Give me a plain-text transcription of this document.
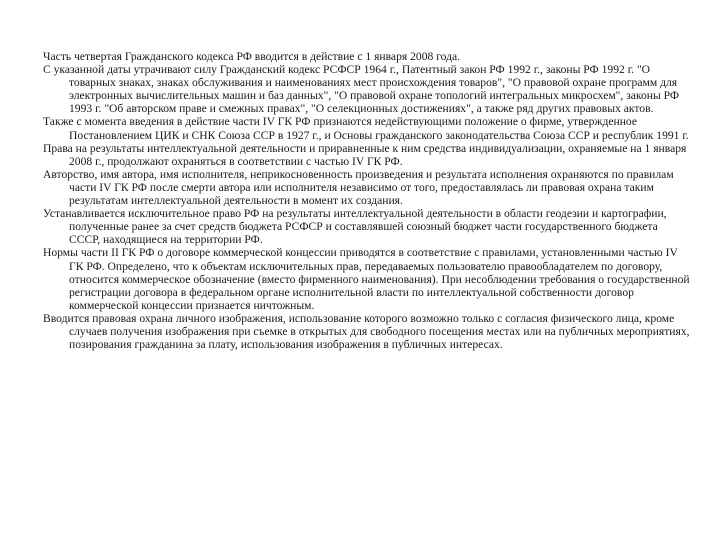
Часть четвертая Гражданского кодекса РФ вводится в действие с 1 января 2008 года.

С указанной даты утрачивают силу Гражданский кодекс РСФСР 1964 г., Патентный закон РФ 1992 г., законы РФ 1992 г. "О товарных знаках, знаках обслуживания и наименованиях мест происхождения товаров", "О правовой охране программ для электронных вычислительных машин и баз данных", "О правовой охране топологий интегральных микросхем", законы РФ 1993 г. "Об авторском праве и смежных правах", "О селекционных достижениях", а также ряд других правовых актов.

Также с момента введения в действие части IV ГК РФ признаются недействующими положение о фирме, утвержденное Постановлением ЦИК и СНК Союза ССР в 1927 г., и Основы гражданского законодательства Союза ССР и республик 1991 г.

Права на результаты интеллектуальной деятельности и приравненные к ним средства индивидуализации, охраняемые на 1 января 2008 г., продолжают охраняться в соответствии с частью IV ГК РФ.

Авторство, имя автора, имя исполнителя, неприкосновенность произведения и результата исполнения охраняются по правилам части IV ГК РФ после смерти автора или исполнителя независимо от того, предоставлялась ли правовая охрана таким результатам интеллектуальной деятельности в момент их создания.

Устанавливается исключительное право РФ на результаты интеллектуальной деятельности в области геодезии и картографии, полученные ранее за счет средств бюджета РСФСР и составлявшей союзный бюджет части государственного бюджета СССР, находящиеся на территории РФ.

Нормы части II ГК РФ о договоре коммерческой концессии приводятся в соответствие с правилами, установленными частью IV ГК РФ. Определено, что к объектам исключительных прав, передаваемых пользователю правообладателем по договору, относится коммерческое обозначение (вместо фирменного наименования). При несоблюдении требования о государственной регистрации договора в федеральном органе исполнительной власти по интеллектуальной собственности договор коммерческой концессии признается ничтожным.

Вводится правовая охрана личного изображения, использование которого возможно только с согласия физического лица, кроме случаев получения изображения при съемке в открытых для свободного посещения местах или на публичных мероприятиях, позирования гражданина за плату, использования изображения в публичных интересах.
